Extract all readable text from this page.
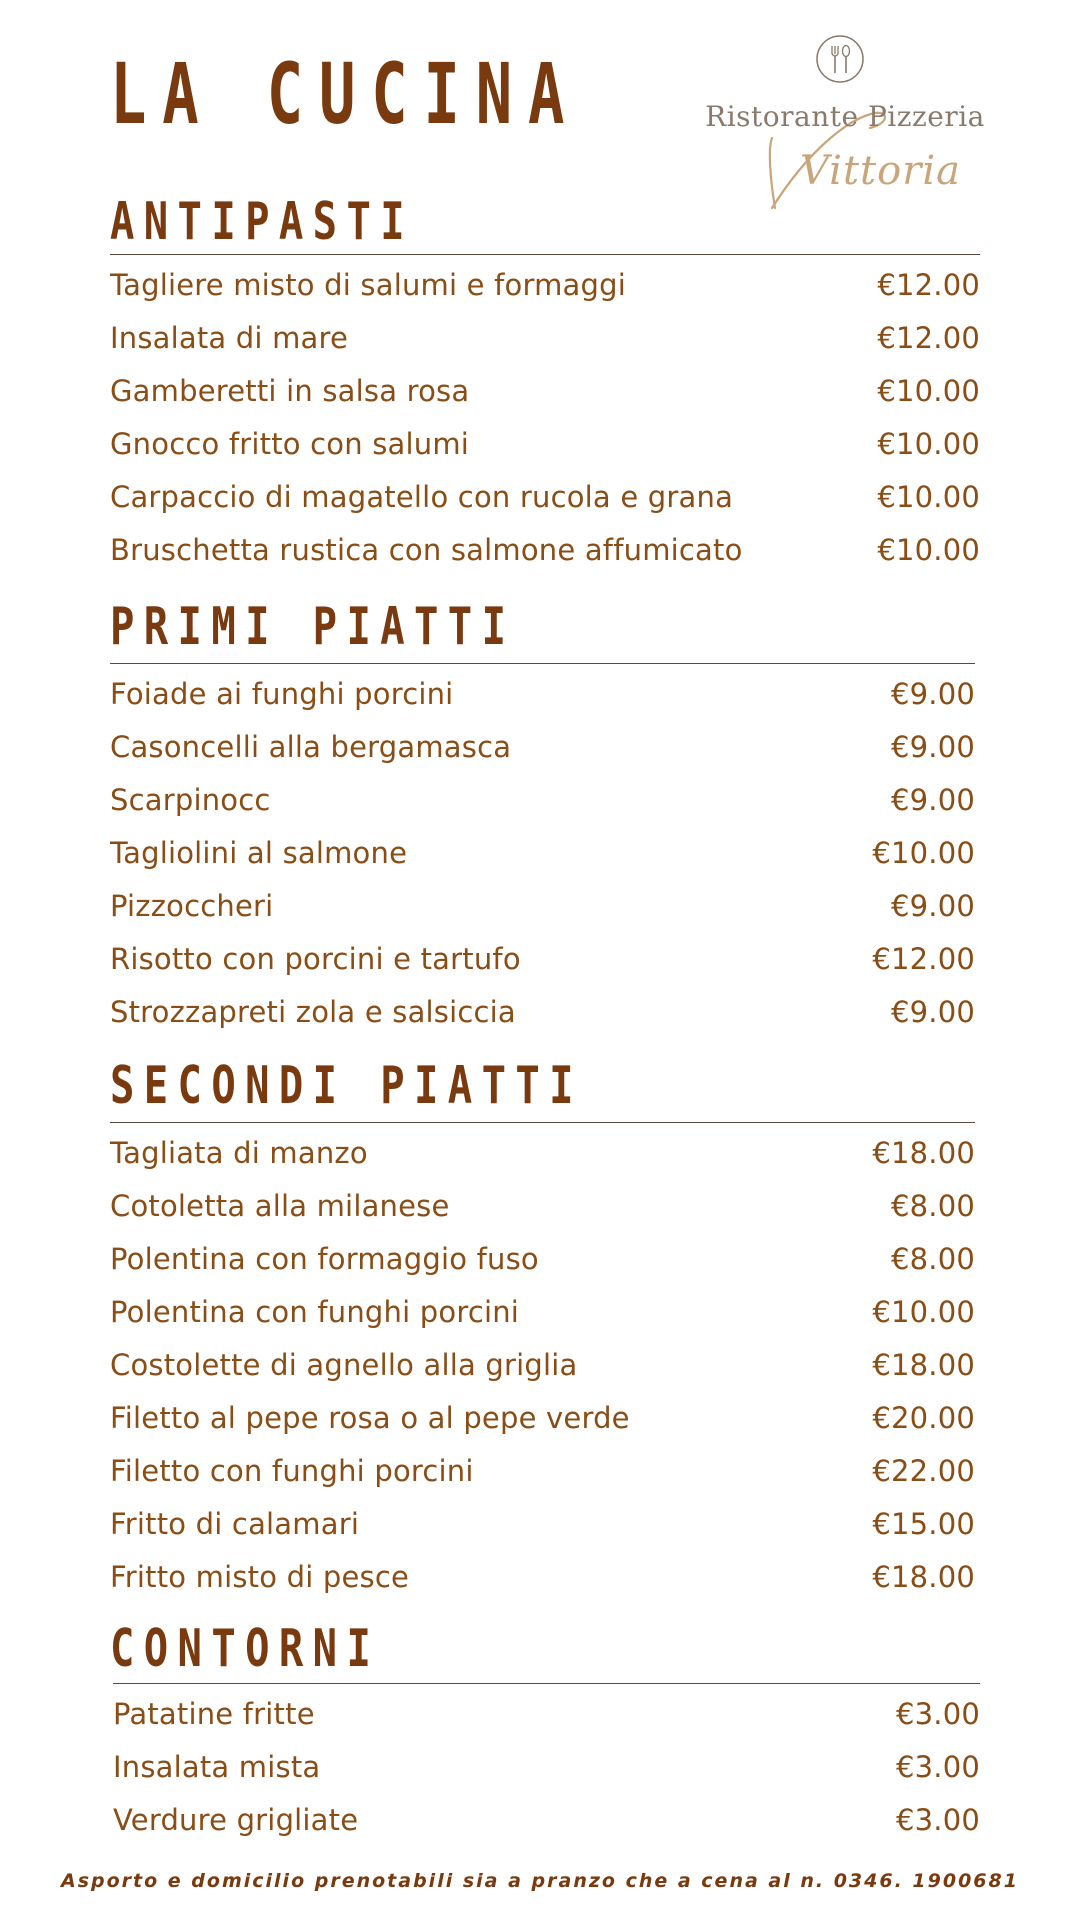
LA CUCINA	Ristorante Pizzeria
Vittoria
ANTIPASTI
Tagliere misto di salumi e formaggi	€12.00
Insalata di mare	€12.00
Gamberetti in salsa rosa	€10.00
Gnocco fritto con salumi	€10.00
Carpaccio di magatello con rucola e grana	€10.00
Bruschetta rustica con salmone affumicato	€10.00
PRIMI PIATTI
Foiade ai funghi porcini	€9.00
Casoncelli alla bergamasca	€9.00
Scarpinocc	€9.00
Tagliolini al salmone	€10.00
Pizzoccheri	€9.00
Risotto con porcini e tartufo	€12.00
Strozzapreti zola e salsiccia	€9.00
SECONDI PIATTI
Tagliata di manzo	€18.00
Cotoletta alla milanese	€8.00
Polentina con formaggio fuso	€8.00
Polentina con funghi porcini	€10.00
Costolette di agnello alla griglia	€18.00
Filetto al pepe rosa o al pepe verde	€20.00
Filetto con funghi porcini	€22.00
Fritto di calamari	€15.00
Fritto misto di pesce	€18.00
CONTORNI
Patatine fritte	€3.00
Insalata mista	€3.00
Verdure grigliate	€3.00
Asporto e domicilio prenotabili sia a pranzo che a cena al n. 0346. 1900681
